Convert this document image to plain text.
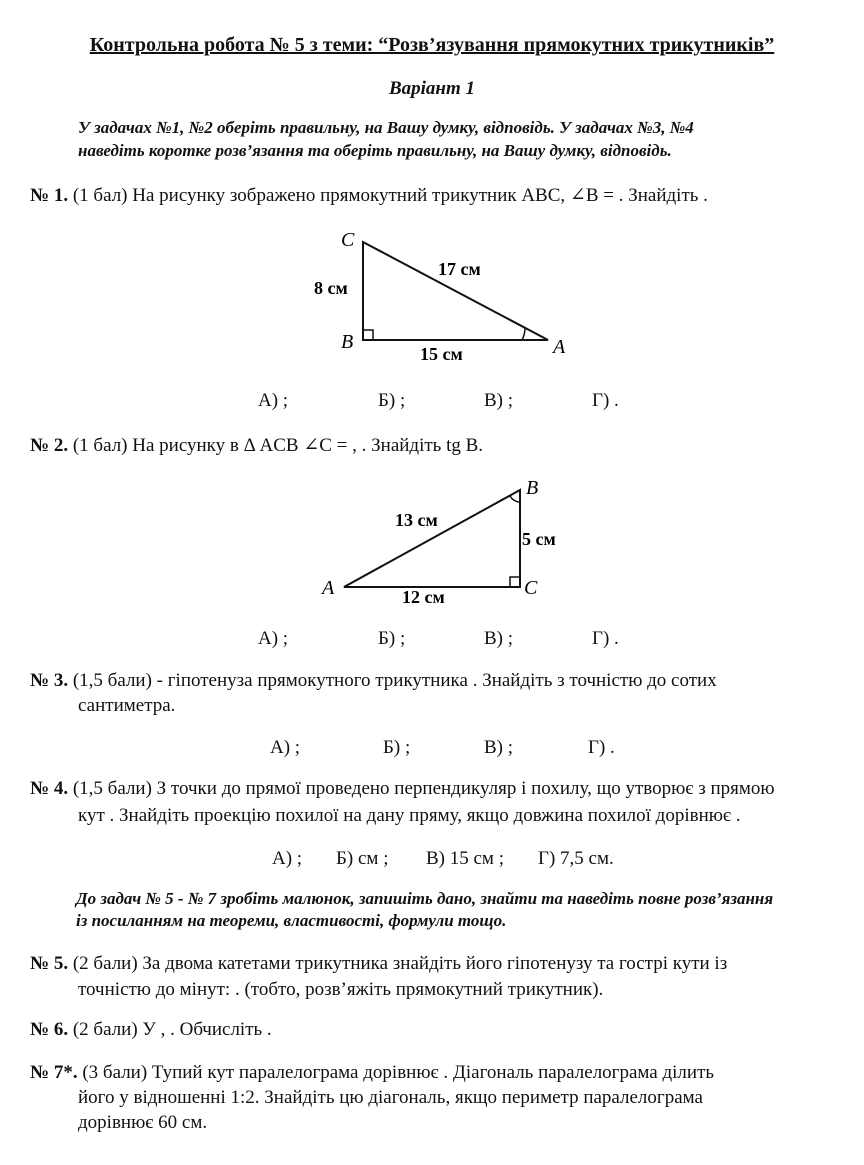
Контрольна робота № 5 з теми: “Розв’язування прямокутних трикутників”
Варіант 1
У задачах №1, №2 оберіть правильну, на Вашу думку, відповідь. У задачах №3, №4
наведіть коротке розв’язання та оберіть правильну, на Вашу думку, відповідь.
№ 1. (1 бал) На рисунку зображено прямокутний трикутник ABC, ∠B = . Знайдіть .
C
B	A
8 см
17 см
15 см
А) ;	Б) ;	В) ;	Г) .
№ 2. (1 бал) На рисунку в Δ ACB ∠C = , . Знайдіть tg B.
A
B
C
13 см
5 см
12 см
А) ;	Б) ;	В) ;	Г) .
№ 3. (1,5 бали) - гіпотенуза прямокутного трикутника . Знайдіть з точністю до сотих
сантиметра.
А) ;	Б) ;	В) ;	Г) .
№ 4. (1,5 бали) З точки до прямої проведено перпендикуляр і похилу, що утворює з прямою
кут . Знайдіть проекцію похилої на дану пряму, якщо довжина похилої дорівнює .
А) ; Б) см ; В) 15 см ; Г) 7,5 см.
До задач № 5 - № 7 зробіть малюнок, запишіть дано, знайти та наведіть повне розв’язання
із посиланням на теореми, властивості, формули тощо.
№ 5. (2 бали) За двома катетами трикутника знайдіть його гіпотенузу та гострі кути із
точністю до мінут: . (тобто, розв’яжіть прямокутний трикутник).
№ 6. (2 бали) У , . Обчисліть .
№ 7*. (3 бали) Тупий кут паралелограма дорівнює . Діагональ паралелограма ділить
його у відношенні 1:2. Знайдіть цю діагональ, якщо периметр паралелограма
дорівнює 60 см.
